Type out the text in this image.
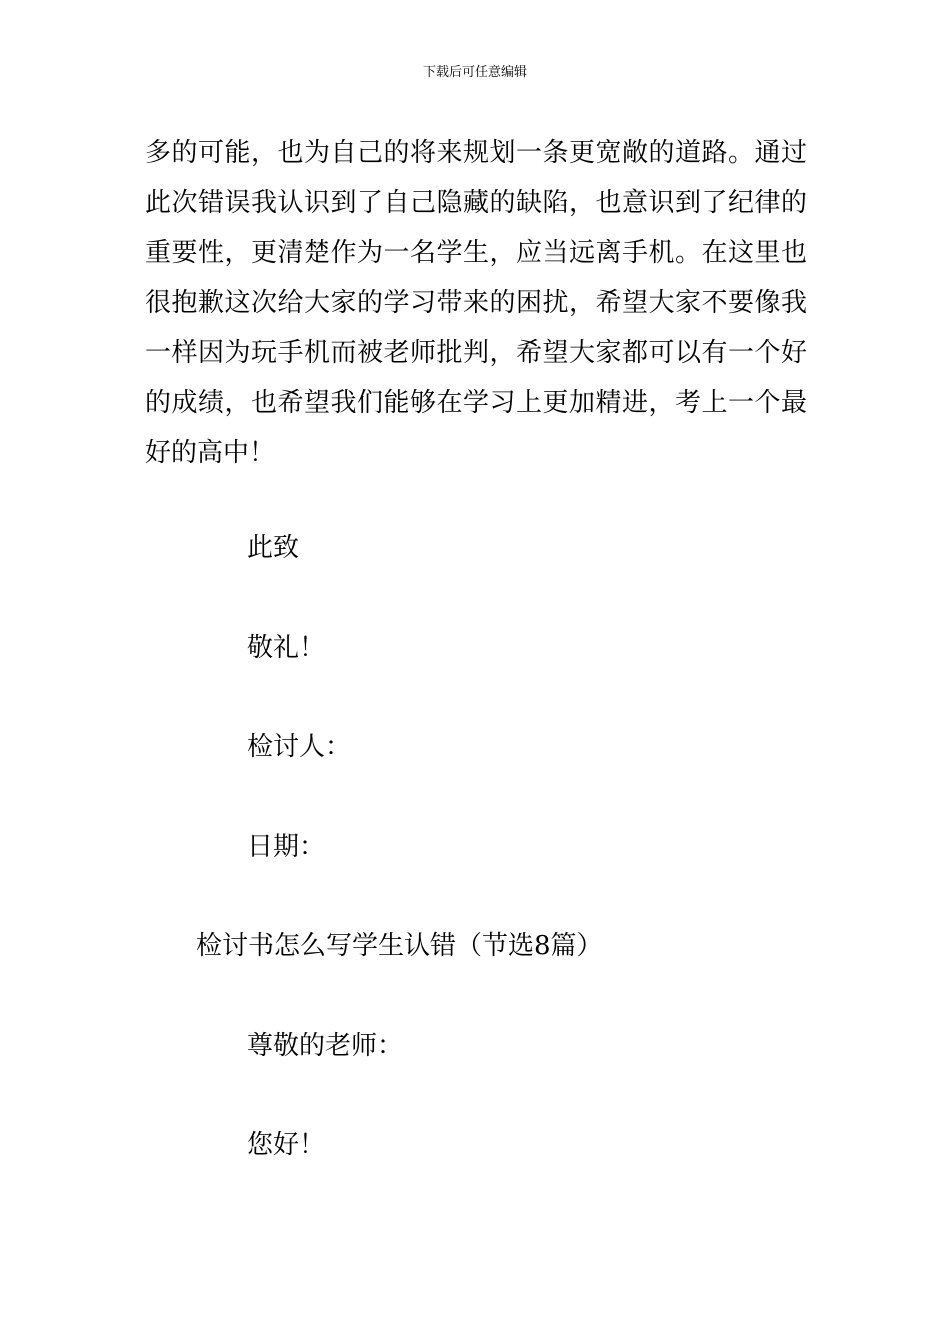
下载后可任意编辑

多的可能，也为自己的将来规划一条更宽敞的道路。通过此次错误我认识到了自己隐藏的缺陷，也意识到了纪律的重要性，更清楚作为一名学生，应当远离手机。在这里也很抱歉这次给大家的学习带来的困扰，希望大家不要像我一样因为玩手机而被老师批判，希望大家都可以有一个好的成绩，也希望我们能够在学习上更加精进，考上一个最好的高中！

此致
敬礼！
检讨人：
日期：
检讨书怎么写学生认错（节选8篇）
尊敬的老师：
您好！
